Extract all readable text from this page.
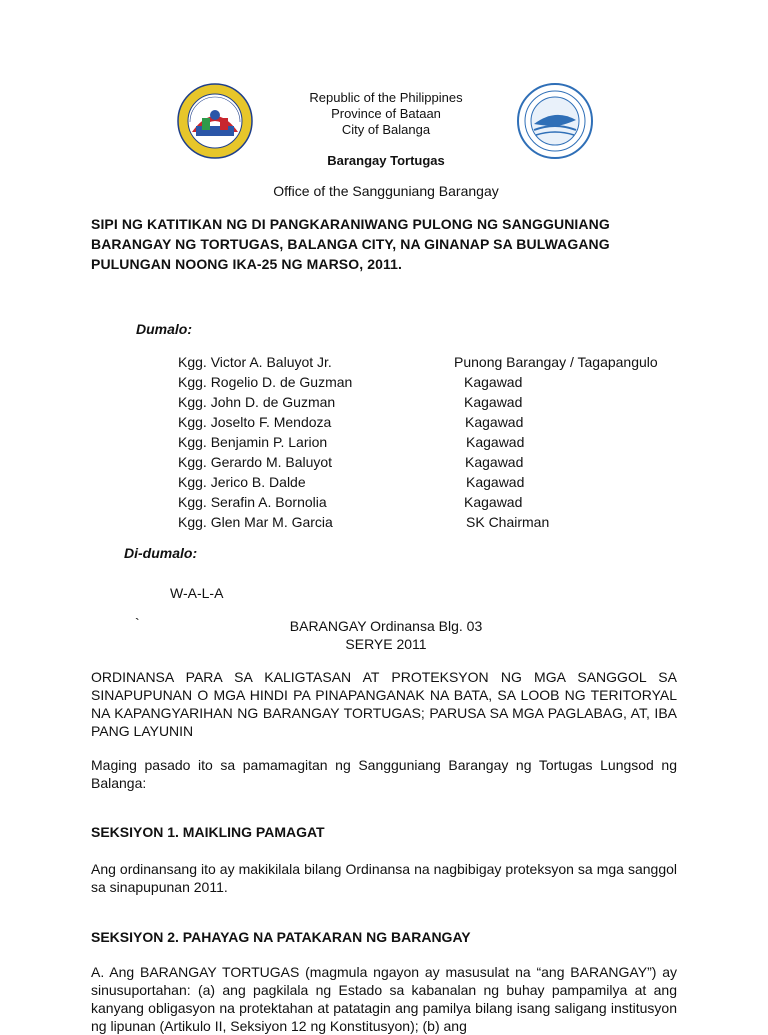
Republic of the Philippines
Province of Bataan
City of Balanga
Barangay Tortugas
Office of the Sangguniang Barangay
SIPI NG KATITIKAN NG DI PANGKARANIWANG PULONG NG SANGGUNIANG BARANGAY NG TORTUGAS, BALANGA CITY, NA GINANAP SA BULWAGANG PULUNGAN NOONG IKA-25 NG MARSO, 2011.
Dumalo:
Kgg. Victor A. Baluyot Jr.	Punong Barangay / Tagapangulo
Kgg. Rogelio D. de Guzman	Kagawad
Kgg. John D. de Guzman	Kagawad
Kgg. Joselto F. Mendoza	Kagawad
Kgg. Benjamin P. Larion	Kagawad
Kgg. Gerardo M. Baluyot	Kagawad
Kgg. Jerico B. Dalde	Kagawad
Kgg. Serafin A. Bornolia	Kagawad
Kgg. Glen Mar M. Garcia	SK Chairman
Di-dumalo:
W-A-L-A
`	BARANGAY Ordinansa Blg. 03
SERYE 2011
ORDINANSA PARA SA KALIGTASAN AT PROTEKSYON NG MGA SANGGOL SA SINAPUPUNAN O MGA HINDI PA PINAPANGANAK NA BATA, SA LOOB NG TERITORYAL NA KAPANGYARIHAN NG BARANGAY TORTUGAS; PARUSA SA MGA PAGLABAG, AT, IBA PANG LAYUNIN
Maging pasado ito sa pamamagitan ng Sangguniang Barangay ng Tortugas Lungsod ng Balanga:
SEKSIYON 1. MAIKLING PAMAGAT
Ang ordinansang ito ay makikilala bilang Ordinansa na nagbibigay proteksyon sa mga sanggol sa sinapupunan 2011.
SEKSIYON 2. PAHAYAG NA PATAKARAN NG BARANGAY
A. Ang BARANGAY TORTUGAS (magmula ngayon ay masusulat na “ang BARANGAY”) ay sinusuportahan: (a) ang pagkilala ng Estado sa kabanalan ng buhay pampamilya at ang kanyang obligasyon na protektahan at patatagin ang pamilya bilang isang saligang institusyon ng lipunan (Artikulo II, Seksiyon 12 ng Konstitusyon); (b) ang
